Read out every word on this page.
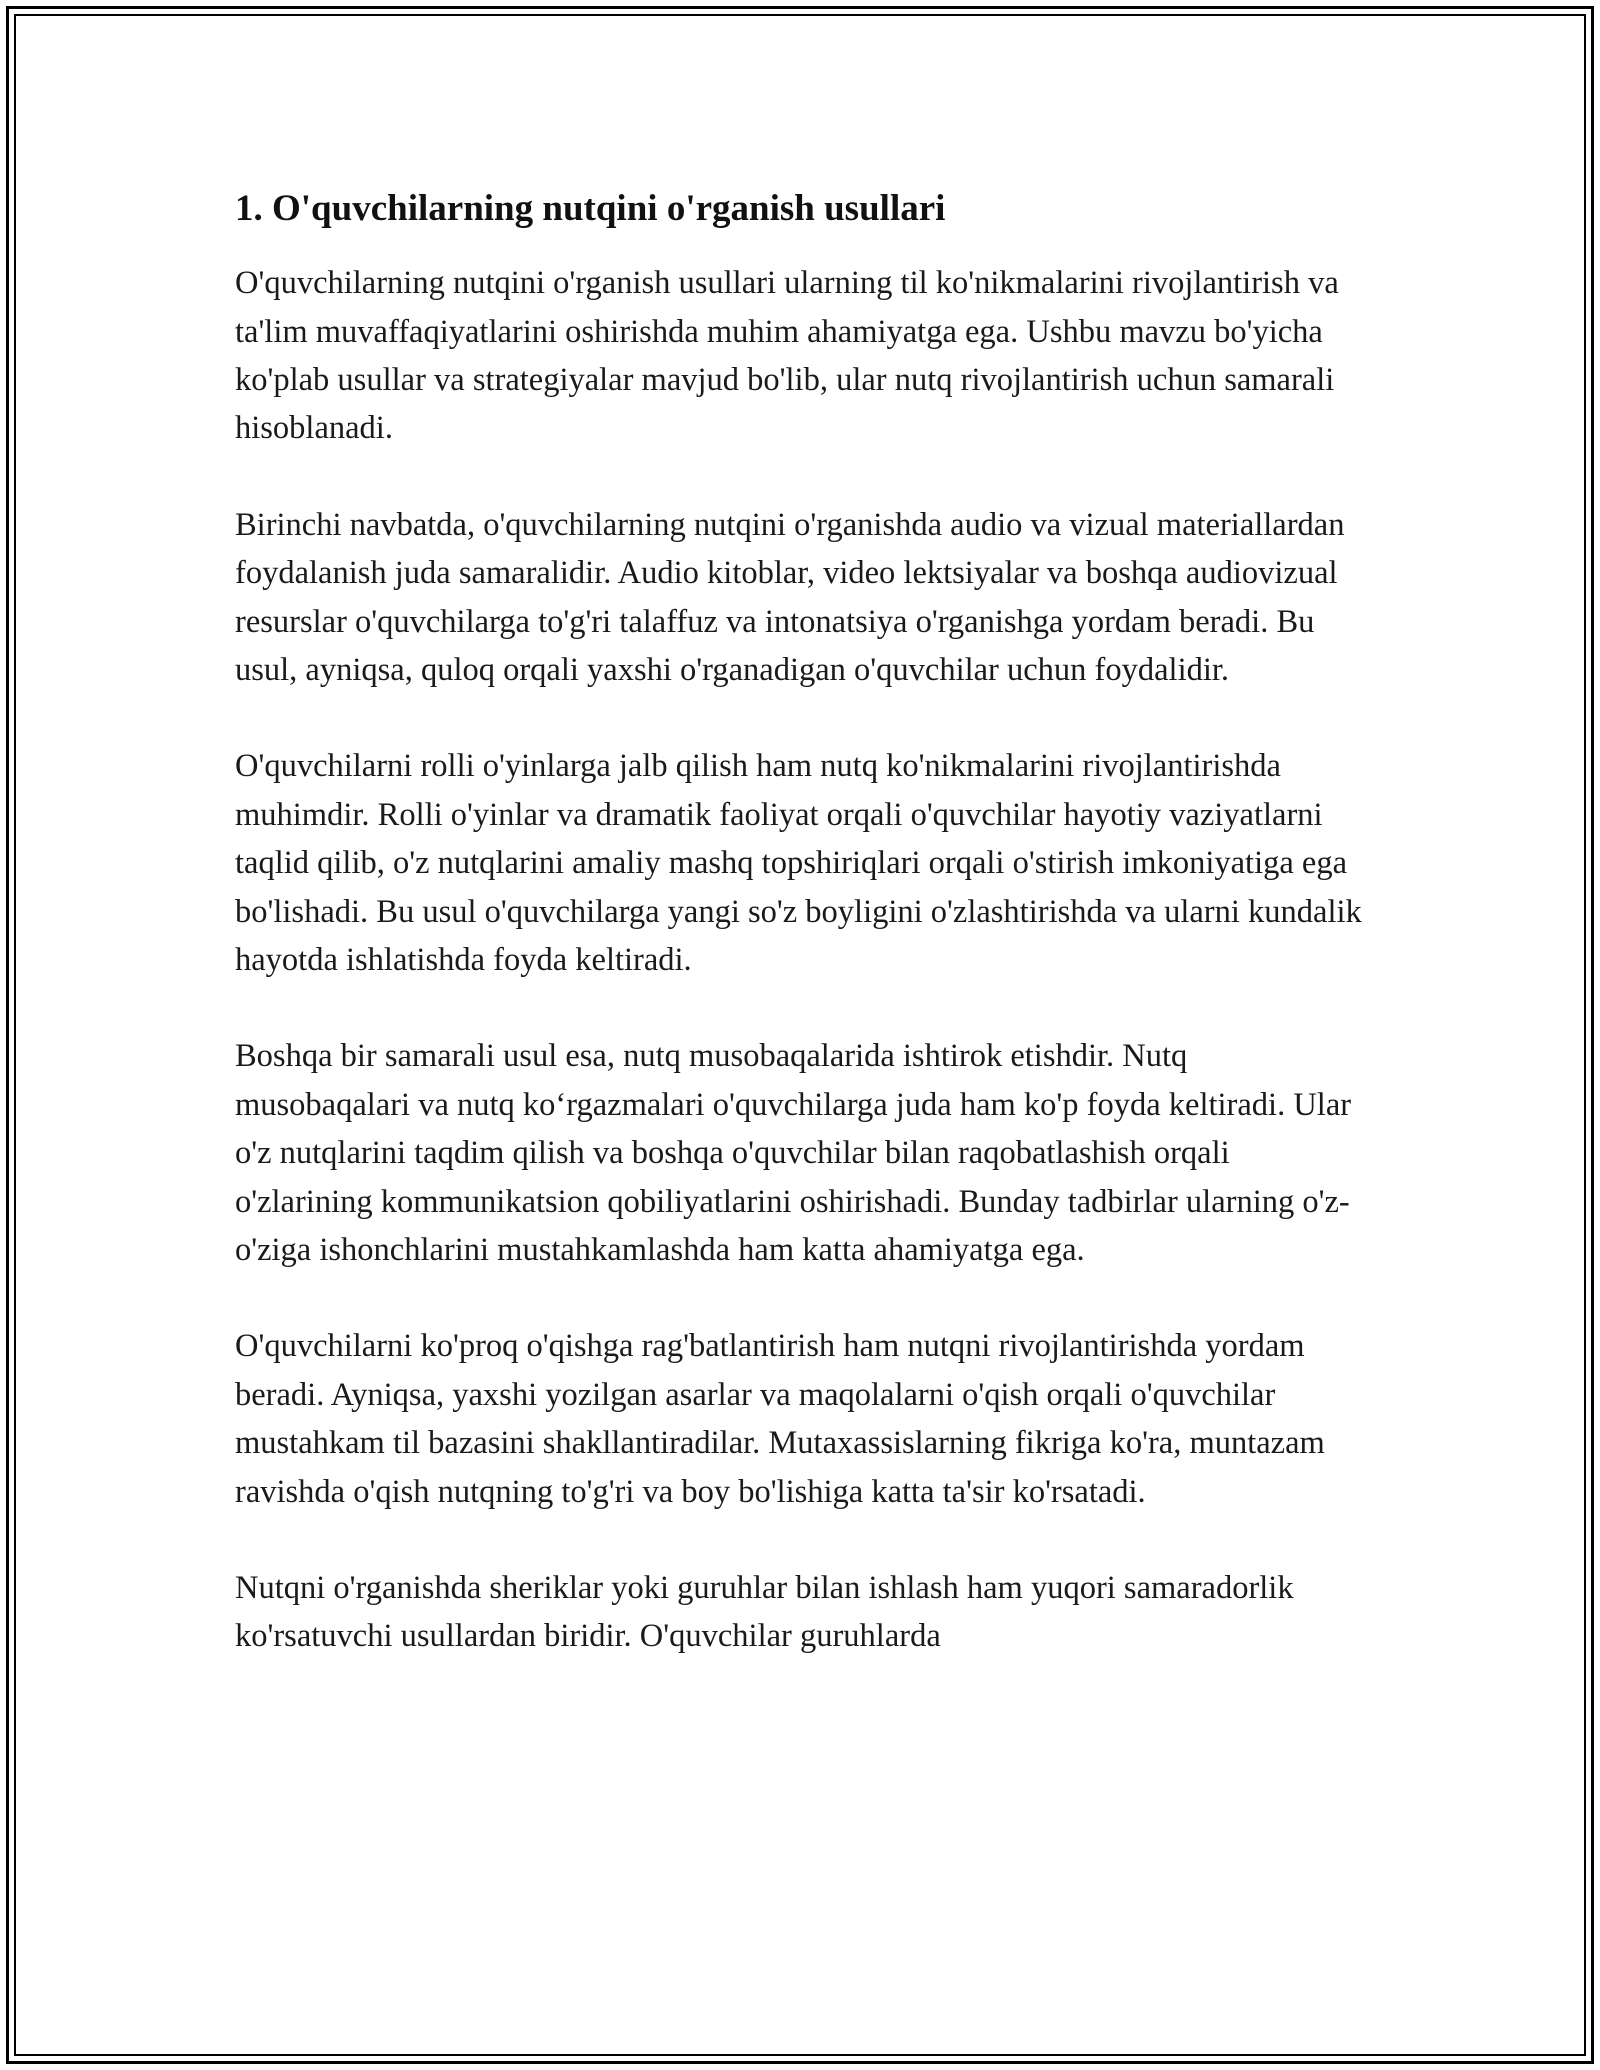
1. O'quvchilarning nutqini o'rganish usullari

O'quvchilarning nutqini o'rganish usullari ularning til ko'nikmalarini rivojlantirish va ta'lim muvaffaqiyatlarini oshirishda muhim ahamiyatga ega. Ushbu mavzu bo'yicha ko'plab usullar va strategiyalar mavjud bo'lib, ular nutq rivojlantirish uchun samarali hisoblanadi.

Birinchi navbatda, o'quvchilarning nutqini o'rganishda audio va vizual materiallardan foydalanish juda samaralidir. Audio kitoblar, video lektsiyalar va boshqa audiovizual resurslar o'quvchilarga to'g'ri talaffuz va intonatsiya o'rganishga yordam beradi. Bu usul, ayniqsa, quloq orqali yaxshi o'rganadigan o'quvchilar uchun foydalidir.

O'quvchilarni rolli o'yinlarga jalb qilish ham nutq ko'nikmalarini rivojlantirishda muhimdir. Rolli o'yinlar va dramatik faoliyat orqali o'quvchilar hayotiy vaziyatlarni taqlid qilib, o'z nutqlarini amaliy mashq topshiriqlari orqali o'stirish imkoniyatiga ega bo'lishadi. Bu usul o'quvchilarga yangi so'z boyligini o'zlashtirishda va ularni kundalik hayotda ishlatishda foyda keltiradi.

Boshqa bir samarali usul esa, nutq musobaqalarida ishtirok etishdir. Nutq musobaqalari va nutq ko‘rgazmalari o'quvchilarga juda ham ko'p foyda keltiradi. Ular o'z nutqlarini taqdim qilish va boshqa o'quvchilar bilan raqobatlashish orqali o'zlarining kommunikatsion qobiliyatlarini oshirishadi. Bunday tadbirlar ularning o'z-o'ziga ishonchlarini mustahkamlashda ham katta ahamiyatga ega.

O'quvchilarni ko'proq o'qishga rag'batlantirish ham nutqni rivojlantirishda yordam beradi. Ayniqsa, yaxshi yozilgan asarlar va maqolalarni o'qish orqali o'quvchilar mustahkam til bazasini shakllantiradilar. Mutaxassislarning fikriga ko'ra, muntazam ravishda o'qish nutqning to'g'ri va boy bo'lishiga katta ta'sir ko'rsatadi.

Nutqni o'rganishda sheriklar yoki guruhlar bilan ishlash ham yuqori samaradorlik ko'rsatuvchi usullardan biridir. O'quvchilar guruhlarda
